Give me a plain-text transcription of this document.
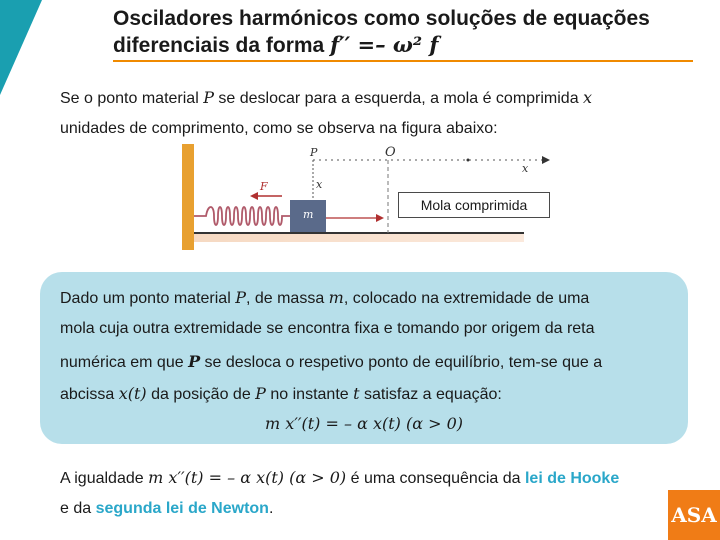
Osciladores harmónicos como soluções de equações
diferenciais da forma f′′ =– ω² f
Se o ponto material P se deslocar para a esquerda, a mola é comprimida x
unidades de comprimento, como se observa na figura abaixo:
P	O
x
x
F
m
Mola comprimida
Dado um ponto material P, de massa m, colocado na extremidade de uma
mola cuja outra extremidade se encontra fixa e tomando por origem da reta
numérica em que P se desloca o respetivo ponto de equilíbrio, tem-se que a
abcissa x(t) da posição de P no instante t satisfaz a equação:
m x′′(t) = – α x(t) (α > 0)
A igualdade m x′′(t) = – α x(t) (α > 0) é uma consequência da lei de Hooke
e da segunda lei de Newton.	ASA
